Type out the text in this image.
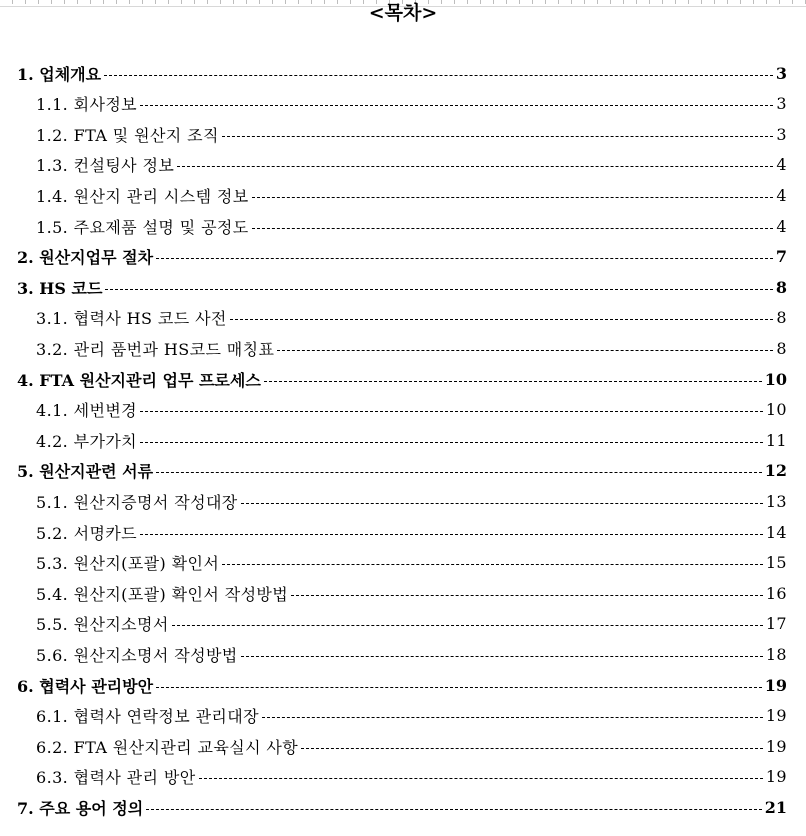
<목차>
1. 업체개요	3
1.1. 회사정보	3
1.2. FTA 및 원산지 조직	3
1.3. 컨설팅사 정보	4
1.4. 원산지 관리 시스템 정보	4
1.5. 주요제품 설명 및 공정도	4
2. 원산지업무 절차	7
3. HS 코드	8
3.1. 협력사 HS 코드 사전	8
3.2. 관리 품번과 HS코드 매칭표	8
4. FTA 원산지관리 업무 프로세스	10
4.1. 세번변경	10
4.2. 부가가치	11
5. 원산지관련 서류	12
5.1. 원산지증명서 작성대장	13
5.2. 서명카드	14
5.3. 원산지(포괄) 확인서	15
5.4. 원산지(포괄) 확인서 작성방법	16
5.5. 원산지소명서	17
5.6. 원산지소명서 작성방법	18
6. 협력사 관리방안	19
6.1. 협력사 연락정보 관리대장	19
6.2. FTA 원산지관리 교육실시 사항	19
6.3. 협력사 관리 방안	19
7. 주요 용어 정의	21
